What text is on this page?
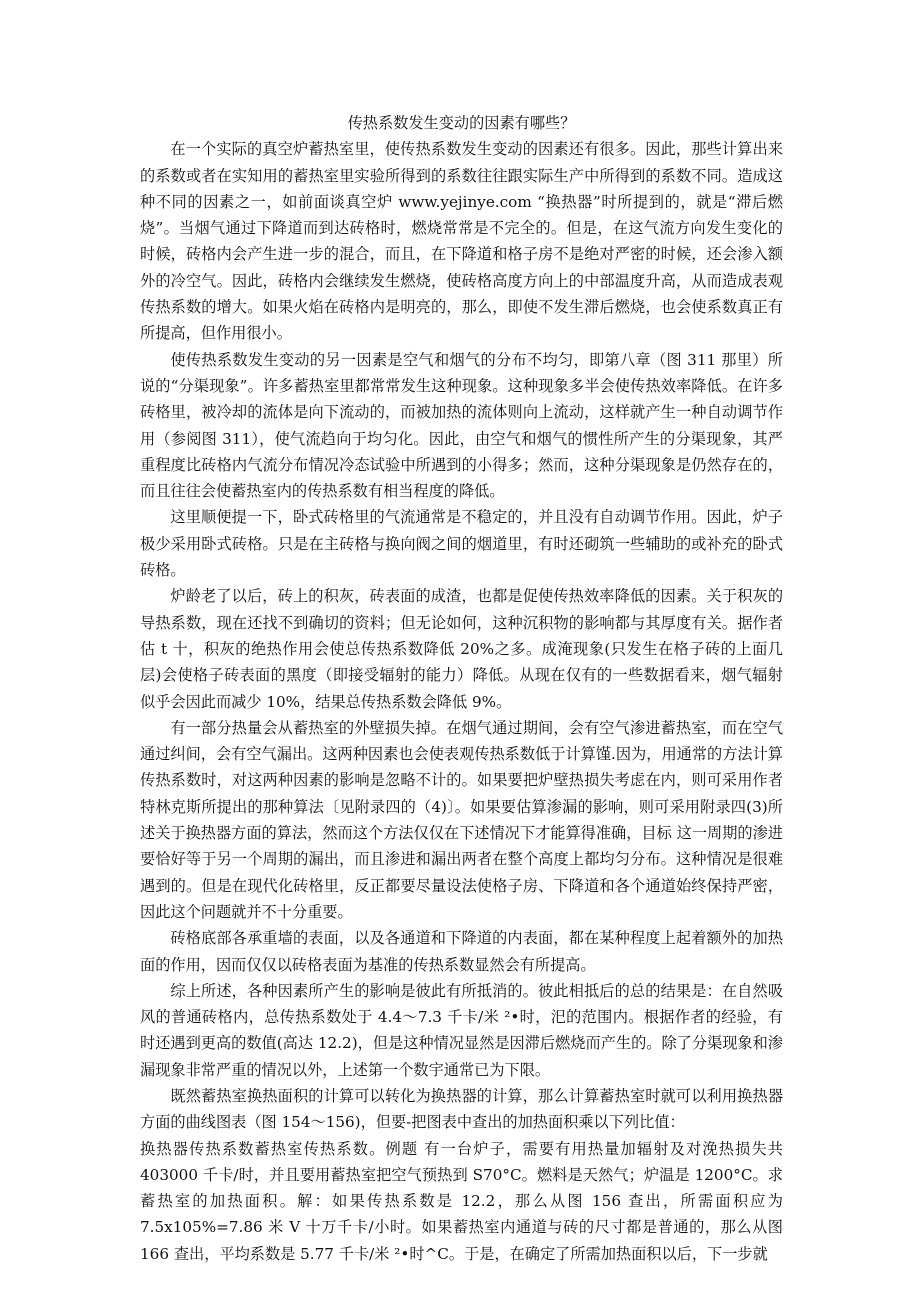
传热系数发生变动的因素有哪些？

在一个实际的真空炉蓄热室里，使传热系数发生变动的因素还有很多。因此，那些计算出来的系数或者在实知用的蓄热室里实验所得到的系数往往跟实际生产中所得到的系数不同。造成这种不同的因素之一，如前面谈真空炉 www.yejinye.com “换热器”时所提到的，就是“滞后燃烧”。当烟气通过下降道而到达砖格时，燃烧常常是不完全的。但是，在这气流方向发生变化的时候，砖格内会产生进一步的混合，而且，在下降道和格子房不是绝对严密的时候，还会渗入额外的冷空气。因此，砖格内会继续发生燃烧，使砖格高度方向上的中部温度升高，从而造成表观传热系数的增大。如果火焰在砖格内是明亮的，那么，即使不发生滞后燃烧，也会使系数真正有所提高，但作用很小。

使传热系数发生变动的另一因素是空气和烟气的分布不均匀，即第八章（图 311 那里）所说的“分渠现象”。许多蓄热室里都常常发生这种现象。这种现象多半会使传热效率降低。在许多砖格里，被冷却的流体是向下流动的，而被加热的流体则向上流动，这样就产生一种自动调节作用（参阅图 311），使气流趋向于均匀化。因此，由空气和烟气的惯性所产生的分渠现象，其严重程度比砖格内气流分布情况冷态试验中所遇到的小得多；然而，这种分渠现象是仍然存在的，而且往往会使蓄热室内的传热系数有相当程度的降低。

这里顺便提一下，卧式砖格里的气流通常是不稳定的，并且没有自动调节作用。因此，炉子极少采用卧式砖格。只是在主砖格与换向阀之间的烟道里，有时还砌筑一些辅助的或补充的卧式砖格。

炉龄老了以后，砖上的积灰，砖表面的成渣，也都是促使传热效率降低的因素。关于积灰的导热系数，现在还找不到确切的资料；但无论如何，这种沉积物的影响都与其厚度有关。据作者估 t 十，积灰的绝热作用会使总传热系数降低 20%之多。成淹现象(只发生在格子砖的上面几层)会使格子砖表面的黑度（即接受辐射的能力）降低。从现在仅有的一些数据看来，烟气辐射似乎会因此而减少 10%，结果总传热系数会降低 9%。

有一部分热量会从蓄热室的外壁损失掉。在烟气通过期间，会有空气渗进蓄热室，而在空气通过纠间，会有空气漏出。这两种因素也会使表观传热系数低于计算馑.因为，用通常的方法计算传热系数时，对这两种因素的影响是忽略不计的。如果要把炉壁热损失考虑在内，则可采用作者特林克斯所提出的那种算法〔见附录四的（4)〕。如果要估算渗漏的影响，则可采用附录四(3)所述关于换热器方面的算法，然而这个方法仅仅在下述情况下才能算得准确，目标 这一周期的渗进要恰好等于另一个周期的漏出，而且渗进和漏出两者在整个高度上都均匀分布。这种情况是很难遇到的。但是在现代化砖格里，反正都要尽量设法使格子房、下降道和各个通道始终保持严密，因此这个问题就并不十分重要。

砖格底部各承重墙的表面，以及各通道和下降道的内表面，都在某种程度上起着额外的加热面的作用，因而仅仅以砖格表面为基准的传热系数显然会有所提高。

综上所述，各种因素所产生的影响是彼此有所抵消的。彼此相抵后的总的结果是：在自然吸风的普通砖格内，总传热系数处于 4.4～7.3 千卡/米 ²•时，汜的范围内。根据作者的经验，有时还遇到更高的数值(高达 12.2)，但是这种情况显然是因滞后燃烧而产生的。除了分渠现象和渗漏现象非常严重的情况以外，上述第一个数宇通常已为下限。

既然蓄热室换热面积的计算可以转化为换热器的计算，那么计算蓄热室时就可以利用换热器方面的曲线图表（图 154～156)，但要-把图表中查出的加热面积乘以下列比值：

换热器传热系数蓄热室传热系数。例题 有一台炉子，需要有用热量加辐射及对浼热损失共 403000 千卡/时，并且要用蓄热室把空气预热到 S70°C。燃料是天然气；炉温是 1200°C。求蓄热室的加热面积。解：如果传热系数是 12.2，那么从图 156 查出，所需面积应为 7.5x105%=7.86 米 V 十万千卡/小时。如果蓄热室内通道与砖的尺寸都是普通的，那么从图 166 查出，平均系数是 5.77 千卡/米 ²•时^C。于是，在确定了所需加热面积以后，下一步就
